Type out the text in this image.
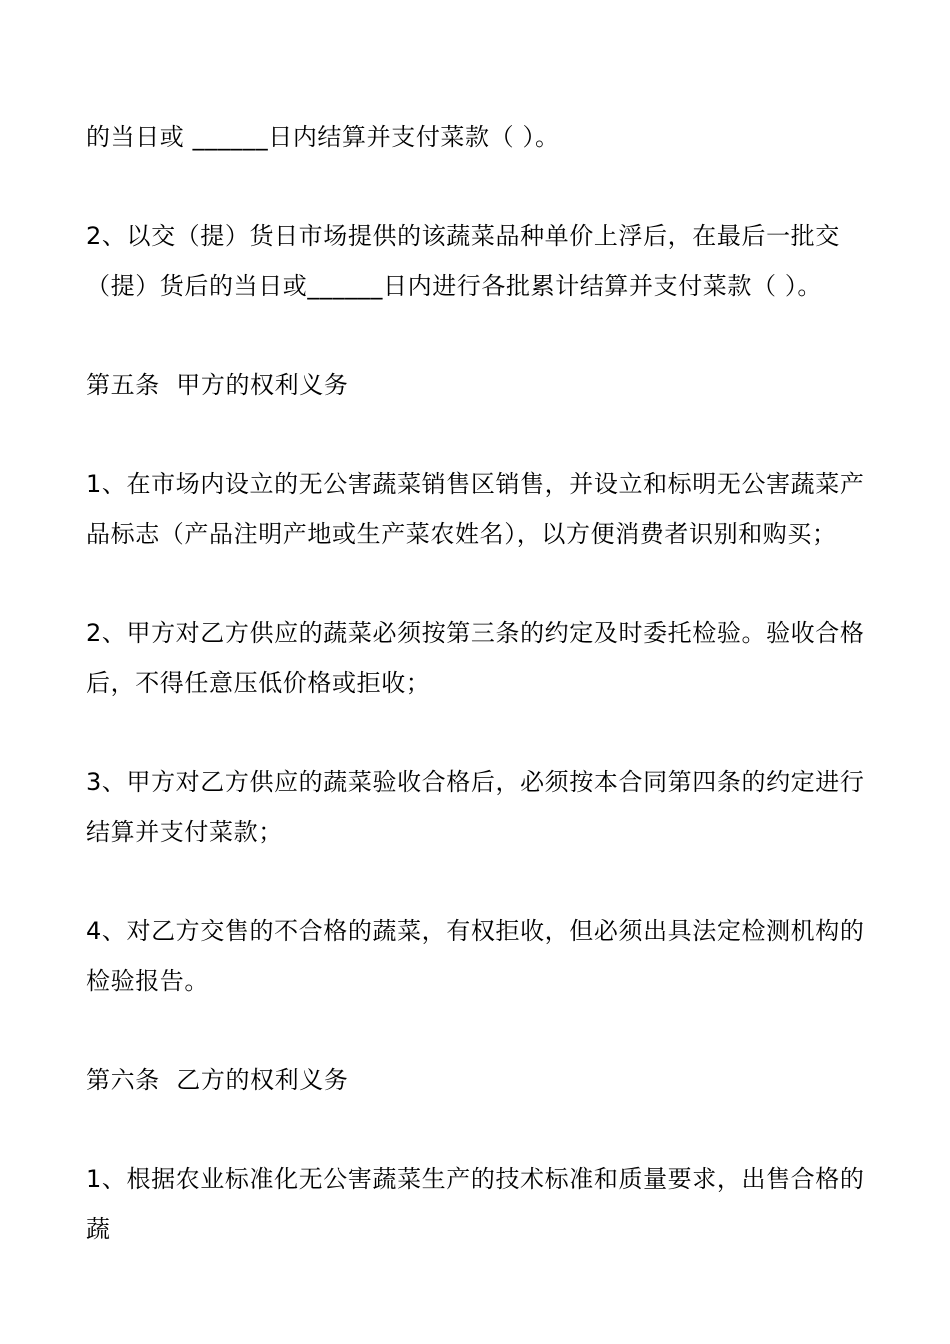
的当日或 ______日内结算并支付菜款（ ）。

2、以交（提）货日市场提供的该蔬菜品种单价上浮后，在最后一批交（提）货后的当日或______日内进行各批累计结算并支付菜款（ ）。

第五条  甲方的权利义务

1、在市场内设立的无公害蔬菜销售区销售，并设立和标明无公害蔬菜产品标志（产品注明产地或生产菜农姓名），以方便消费者识别和购买；

2、甲方对乙方供应的蔬菜必须按第三条的约定及时委托检验。验收合格后，不得任意压低价格或拒收；

3、甲方对乙方供应的蔬菜验收合格后，必须按本合同第四条的约定进行结算并支付菜款；

4、对乙方交售的不合格的蔬菜，有权拒收，但必须出具法定检测机构的检验报告。

第六条  乙方的权利义务

1、根据农业标准化无公害蔬菜生产的技术标准和质量要求，出售合格的蔬
